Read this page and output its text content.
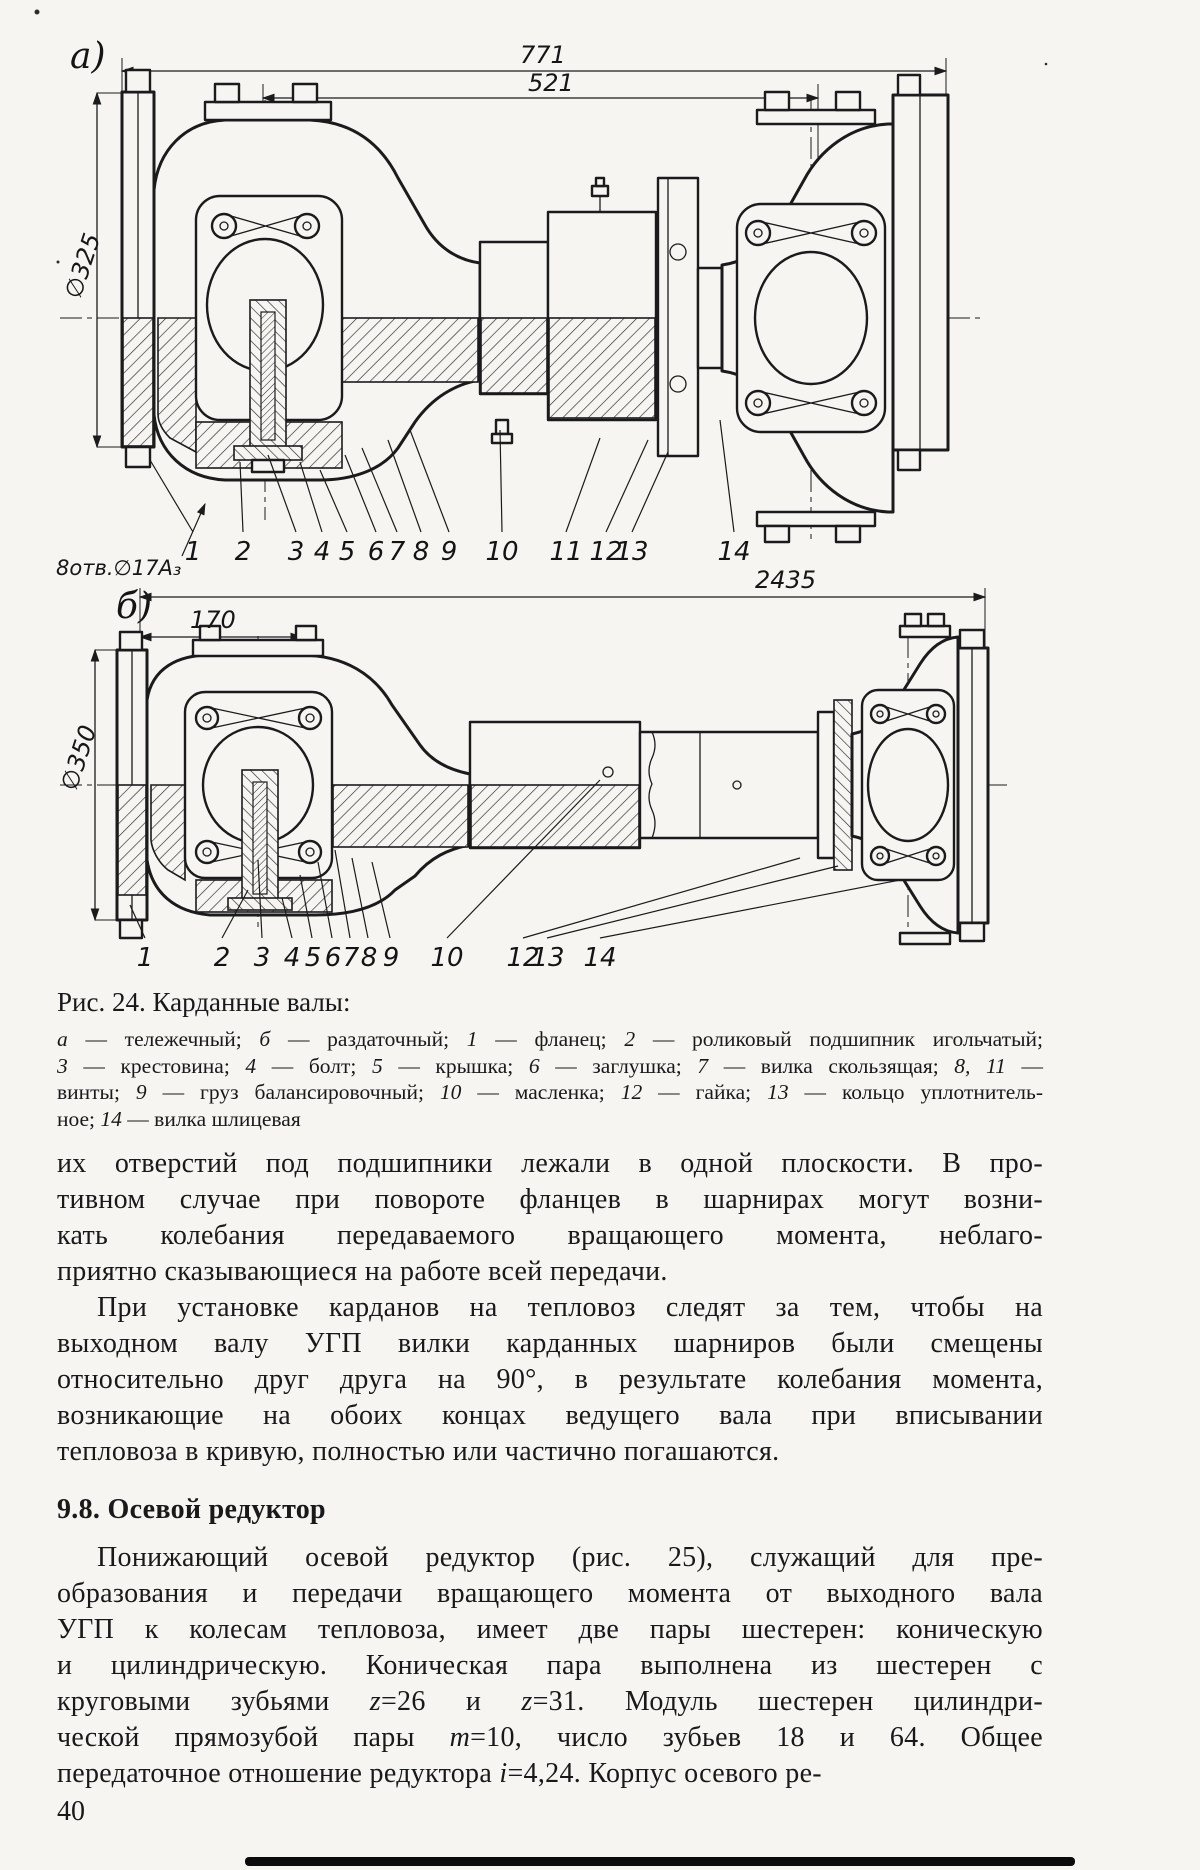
а)	771
521
∅325
8отв.∅17А₃
1 2 3 4 5 6 7 8 9 10 11 12
13	14
б)
2435
170
∅350
1 2 3 4 5 6 7 8 9 10 12
13 14
Рис. 24. Карданные валы:
а — тележечный; б — раздаточный; 1 — фланец; 2 — роликовый подшипник игольчатый;
3 — крестовина; 4 — болт; 5 — крышка; 6 — заглушка; 7 — вилка скользящая; 8, 11 —
винты; 9 — груз балансировочный; 10 — масленка; 12 — гайка; 13 — кольцо уплотнитель-
ное; 14 — вилка шлицевая
их отверстий под подшипники лежали в одной плоскости. В про-
тивном случае при повороте фланцев в шарнирах могут возни-
кать колебания передаваемого вращающего момента, неблаго-
приятно сказывающиеся на работе всей передачи.
При установке карданов на тепловоз следят за тем, чтобы на
выходном валу УГП вилки карданных шарниров были смещены
относительно друг друга на 90°, в результате колебания момента,
возникающие на обоих концах ведущего вала при вписывании
тепловоза в кривую, полностью или частично погашаются.
9.8. Осевой редуктор
Понижающий осевой редуктор (рис. 25), служащий для пре-
образования и передачи вращающего момента от выходного вала
УГП к колесам тепловоза, имеет две пары шестерен: коническую
и цилиндрическую. Коническая пара выполнена из шестерен с
круговыми зубьями z=26 и z=31. Модуль шестерен цилиндри-
ческой прямозубой пары m=10, число зубьев 18 и 64. Общее
передаточное отношение редуктора i=4,24. Корпус осевого ре-
40
